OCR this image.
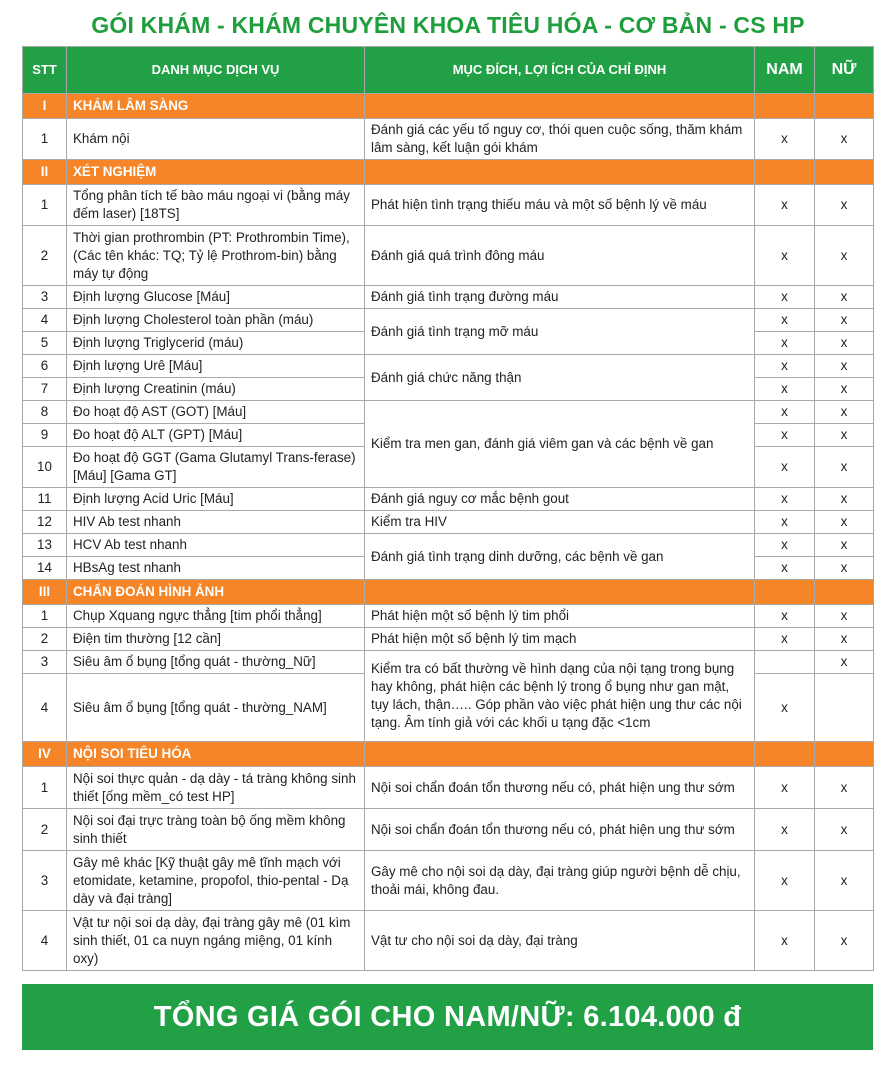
GÓI KHÁM - KHÁM CHUYÊN KHOA TIÊU HÓA - CƠ BẢN - CS HP
STT	DANH MỤC DỊCH VỤ	MỤC ĐÍCH, LỢI ÍCH CỦA CHỈ ĐỊNH	NAM	NỮ
I	KHÁM LÂM SÀNG			
1	Khám nội	Đánh giá các yếu tố nguy cơ, thói quen cuộc sống, thăm khám lâm sàng, kết luận gói khám	x	x
II	XÉT NGHIỆM			
1	Tổng phân tích tế bào máu ngoại vi (bằng máy đếm laser) [18TS]	Phát hiện tình trạng thiếu máu và một số bệnh lý về máu	x	x
2	Thời gian prothrombin (PT: Prothrombin Time), (Các tên khác: TQ; Tỷ lệ Prothrom-bin) bằng máy tự động	Đánh giá quá trình đông máu	x	x
3	Định lượng Glucose [Máu]	Đánh giá tình trạng đường máu	x	x
4	Định lượng Cholesterol toàn phần (máu)	Đánh giá tình trạng mỡ máu	x	x
5	Định lượng Triglycerid (máu)		x	x
6	Định lượng Urê [Máu]	Đánh giá chức năng thận	x	x
7	Định lượng Creatinin (máu)		x	x
8	Đo hoạt độ AST (GOT) [Máu]	Kiểm tra men gan, đánh giá viêm gan và các bệnh về gan	x	x
9	Đo hoạt độ ALT (GPT) [Máu]		x	x
10	Đo hoạt độ GGT (Gama Glutamyl Trans-ferase) [Máu] [Gama GT]		x	x
11	Định lượng Acid Uric [Máu]	Đánh giá nguy cơ mắc bệnh gout	x	x
12	HIV Ab test nhanh	Kiểm tra HIV	x	x
13	HCV Ab test nhanh	Đánh giá tình trạng dinh dưỡng, các bệnh về gan	x	x
14	HBsAg test nhanh		x	x
III	CHẨN ĐOÁN HÌNH ẢNH			
1	Chụp Xquang ngực thẳng [tim phổi thẳng]	Phát hiện một số bệnh lý tim phổi	x	x
2	Điện tim thường [12 cần]	Phát hiện một số bệnh lý tim mạch	x	x
3	Siêu âm ổ bụng [tổng quát - thường_Nữ]	Kiểm tra có bất thường về hình dạng của nội tạng trong bụng hay không, phát hiện các bệnh lý trong ổ bụng như gan mật, tụy lách, thận….. Góp phần vào việc phát hiện ung thư các nội tạng. Âm tính giả với các khối u tạng đặc <1cm		x
4	Siêu âm ổ bụng [tổng quát - thường_NAM]		x	
IV	NỘI SOI TIÊU HÓA			
1	Nội soi thực quản - dạ dày - tá tràng không sinh thiết [ống mềm_có test HP]	Nội soi chẩn đoán tổn thương nếu có, phát hiện ung thư sớm	x	x
2	Nội soi đại trực tràng toàn bộ ống mềm không sinh thiết	Nội soi chẩn đoán tổn thương nếu có, phát hiện ung thư sớm	x	x
3	Gây mê khác [Kỹ thuật gây mê tĩnh mạch với etomidate, ketamine, propofol, thio-pental - Dạ dày và đại tràng]	Gây mê cho nội soi dạ dày, đại tràng giúp người bệnh dễ chịu, thoải mái, không đau.	x	x
4	Vật tư nội soi dạ dày, đại tràng gây mê (01 kìm sinh thiết, 01 ca nuyn ngáng miệng, 01 kính oxy)	Vật tư cho nội soi dạ dày, đại tràng	x	x
TỔNG GIÁ GÓI CHO NAM/NỮ: 6.104.000 đ
